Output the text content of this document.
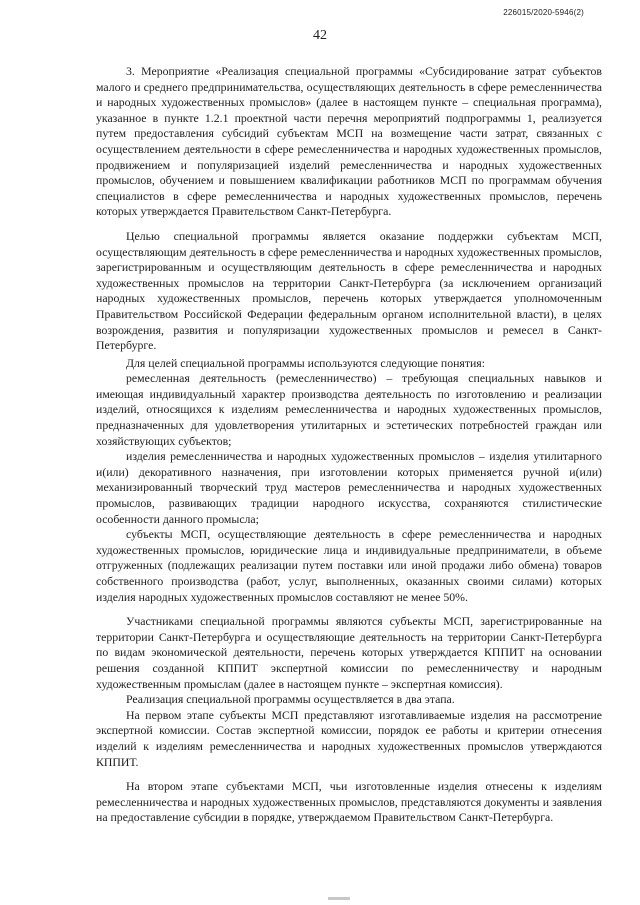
226015/2020-5946(2)
42

3. Мероприятие «Реализация специальной программы «Субсидирование затрат субъектов малого и среднего предпринимательства, осуществляющих деятельность в сфере ремесленничества и народных художественных промыслов» (далее в настоящем пункте – специальная программа), указанное в пункте 1.2.1 проектной части перечня мероприятий подпрограммы 1, реализуется путем предоставления субсидий субъектам МСП на возмещение части затрат, связанных с осуществлением деятельности в сфере ремесленничества и народных художественных промыслов, продвижением и популяризацией изделий ремесленничества и народных художественных промыслов, обучением и повышением квалификации работников МСП по программам обучения специалистов в сфере ремесленничества и народных художественных промыслов, перечень которых утверждается Правительством Санкт-Петербурга.

Целью специальной программы является оказание поддержки субъектам МСП, осуществляющим деятельность в сфере ремесленничества и народных художественных промыслов, зарегистрированным и осуществляющим деятельность в сфере ремесленничества и народных художественных промыслов на территории Санкт-Петербурга (за исключением организаций народных художественных промыслов, перечень которых утверждается уполномоченным Правительством Российской Федерации федеральным органом исполнительной власти), в целях возрождения, развития и популяризации художественных промыслов и ремесел в Санкт-Петербурге.

Для целей специальной программы используются следующие понятия:

ремесленная деятельность (ремесленничество) – требующая специальных навыков и имеющая индивидуальный характер производства деятельность по изготовлению и реализации изделий, относящихся к изделиям ремесленничества и народных художественных промыслов, предназначенных для удовлетворения утилитарных и эстетических потребностей граждан или хозяйствующих субъектов;

изделия ремесленничества и народных художественных промыслов – изделия утилитарного и(или) декоративного назначения, при изготовлении которых применяется ручной и(или) механизированный творческий труд мастеров ремесленничества и народных художественных промыслов, развивающих традиции народного искусства, сохраняются стилистические особенности данного промысла;

субъекты МСП, осуществляющие деятельность в сфере ремесленничества и народных художественных промыслов, юридические лица и индивидуальные предприниматели, в объеме отгруженных (подлежащих реализации путем поставки или иной продажи либо обмена) товаров собственного производства (работ, услуг, выполненных, оказанных своими силами) которых изделия народных художественных промыслов составляют не менее 50%.

Участниками специальной программы являются субъекты МСП, зарегистрированные на территории Санкт-Петербурга и осуществляющие деятельность на территории Санкт-Петербурга по видам экономической деятельности, перечень которых утверждается КППИТ на основании решения созданной КППИТ экспертной комиссии по ремесленничеству и народным художественным промыслам (далее в настоящем пункте – экспертная комиссия).

Реализация специальной программы осуществляется в два этапа.

На первом этапе субъекты МСП представляют изготавливаемые изделия на рассмотрение экспертной комиссии. Состав экспертной комиссии, порядок ее работы и критерии отнесения изделий к изделиям ремесленничества и народных художественных промыслов утверждаются КППИТ.

На втором этапе субъектами МСП, чьи изготовленные изделия отнесены к изделиям ремесленничества и народных художественных промыслов, представляются документы и заявления на предоставление субсидии в порядке, утверждаемом Правительством Санкт-Петербурга.
